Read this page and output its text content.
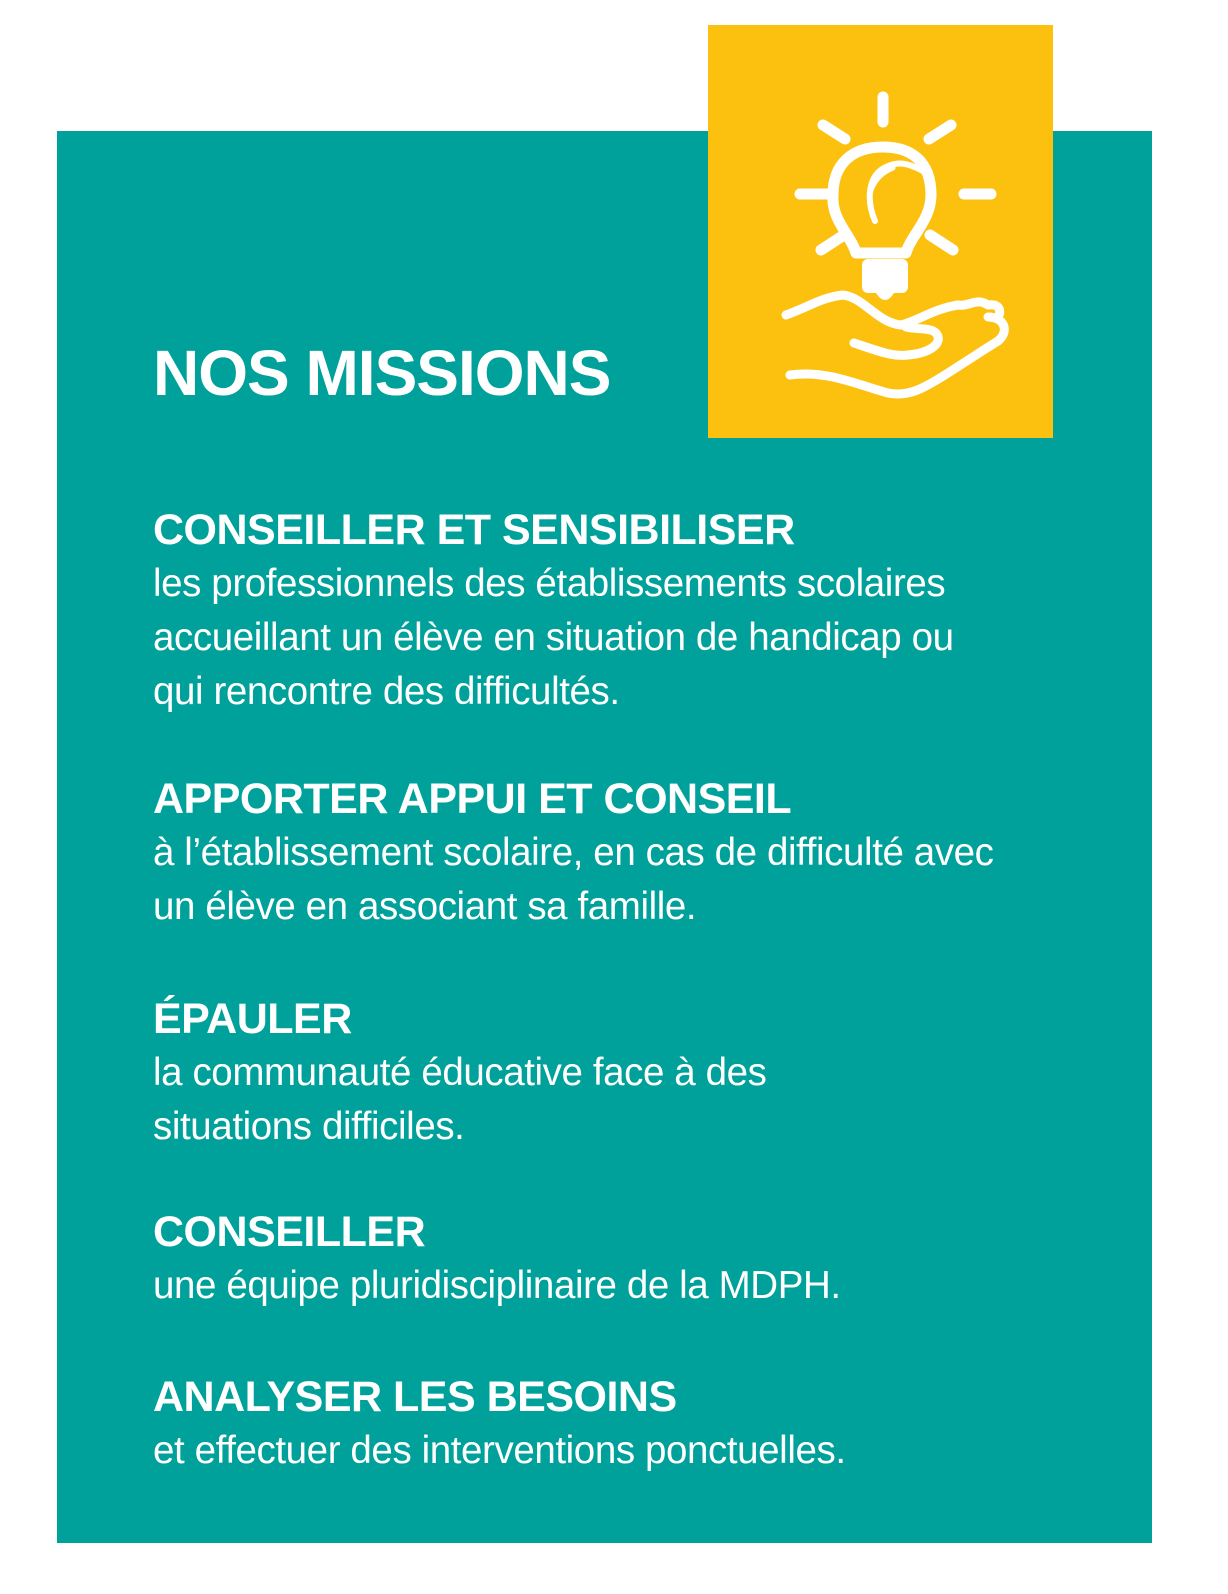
NOS MISSIONS
CONSEILLER ET SENSIBILISER
les professionnels des établissements scolaires
accueillant un élève en situation de handicap ou
qui rencontre des difficultés.
APPORTER APPUI ET CONSEIL
à l’établissement scolaire, en cas de difficulté avec
un élève en associant sa famille.
ÉPAULER
la communauté éducative face à des
situations difficiles.
CONSEILLER
une équipe pluridisciplinaire de la MDPH.
ANALYSER LES BESOINS
et effectuer des interventions ponctuelles.
